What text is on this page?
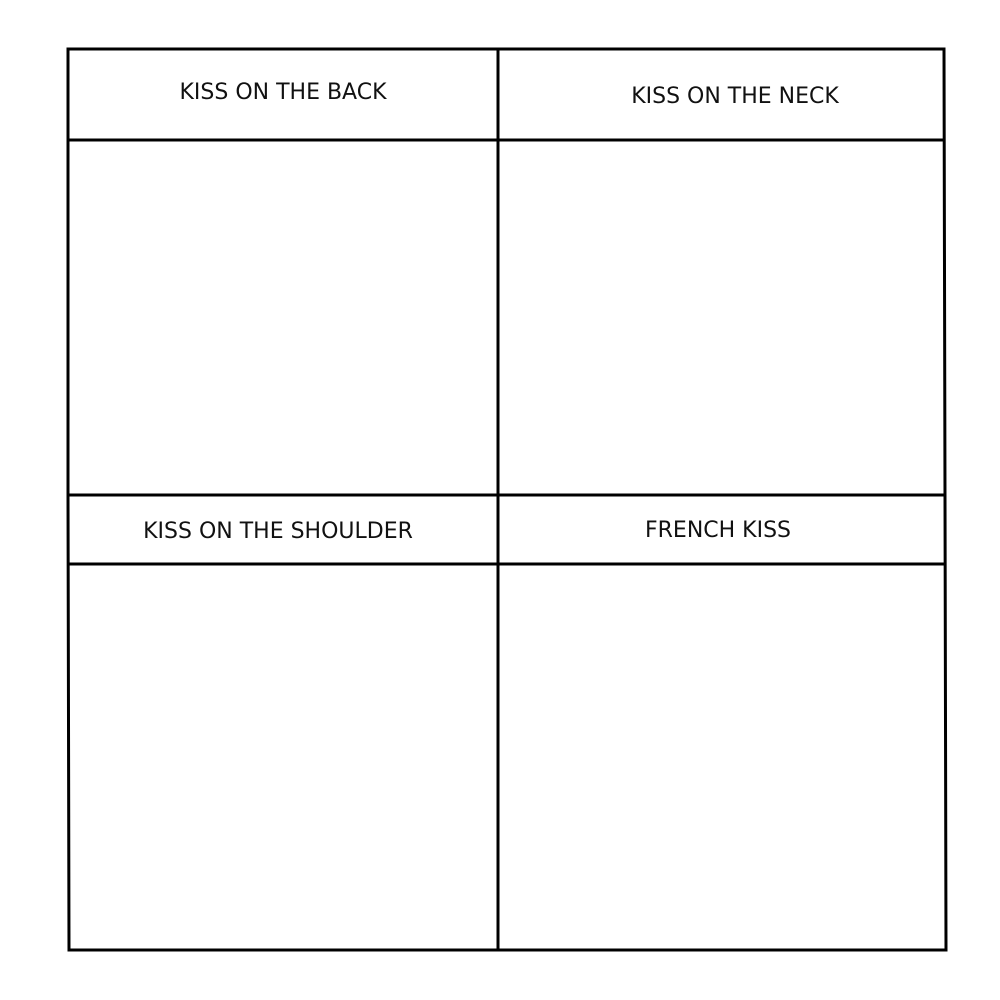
KISS ON THE BACK	KISS ON THE NECK
KISS ON THE SHOULDER	FRENCH KISS
